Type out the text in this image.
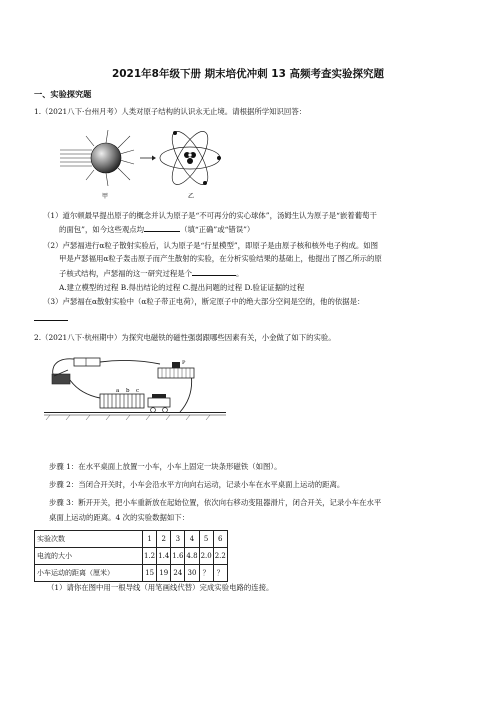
2021年8年级下册 期末培优冲刺 13 高频考查实验探究题
一、实验探究题
1.（2021八下·台州月考）人类对原子结构的认识永无止境。请根据所学知识回答：
甲	乙
（1）道尔顿最早提出原子的概念并认为原子是“不可再分的实心球体”，汤姆生认为原子是“嵌着葡萄干
的面包”，如今这些观点均	（填“正确”或“错误”）
（2）卢瑟福进行α粒子散射实验后，认为原子是“行星模型”，即原子是由原子核和核外电子构成。如图
甲是卢瑟福用α粒子轰击原子而产生散射的实验，在分析实验结果的基础上，他提出了图乙所示的原
子核式结构，卢瑟福的这一研究过程是个	。
A.建立模型的过程 B.得出结论的过程 C.提出问题的过程 D.验证证据的过程
（3）卢瑟福在α散射实验中（α粒子带正电荷），断定原子中的绝大部分空间是空的，他的依据是：
2.（2021八下·杭州期中）为探究电磁铁的磁性强弱跟哪些因素有关，小金做了如下的实验。
P
a b c
步骤 1：在水平桌面上放置一小车，小车上固定一块条形磁铁（如图）。
步骤 2：当闭合开关时，小车会沿水平方向向右运动，记录小车在水平桌面上运动的距离。
步骤 3：断开开关，把小车重新放在起始位置，依次向右移动变阻器滑片，闭合开关，记录小车在水平
桌面上运动的距离。4 次的实验数据如下：
实验次数	1	2	3	4	5	6
电流的大小	1.2	1.4	1.6	4.8	2.0	2.2
小车运动的距离（厘米）	15	19	24	30	？	？
（1）请你在图中用一根导线（用笔画线代替）完成实验电路的连接。
